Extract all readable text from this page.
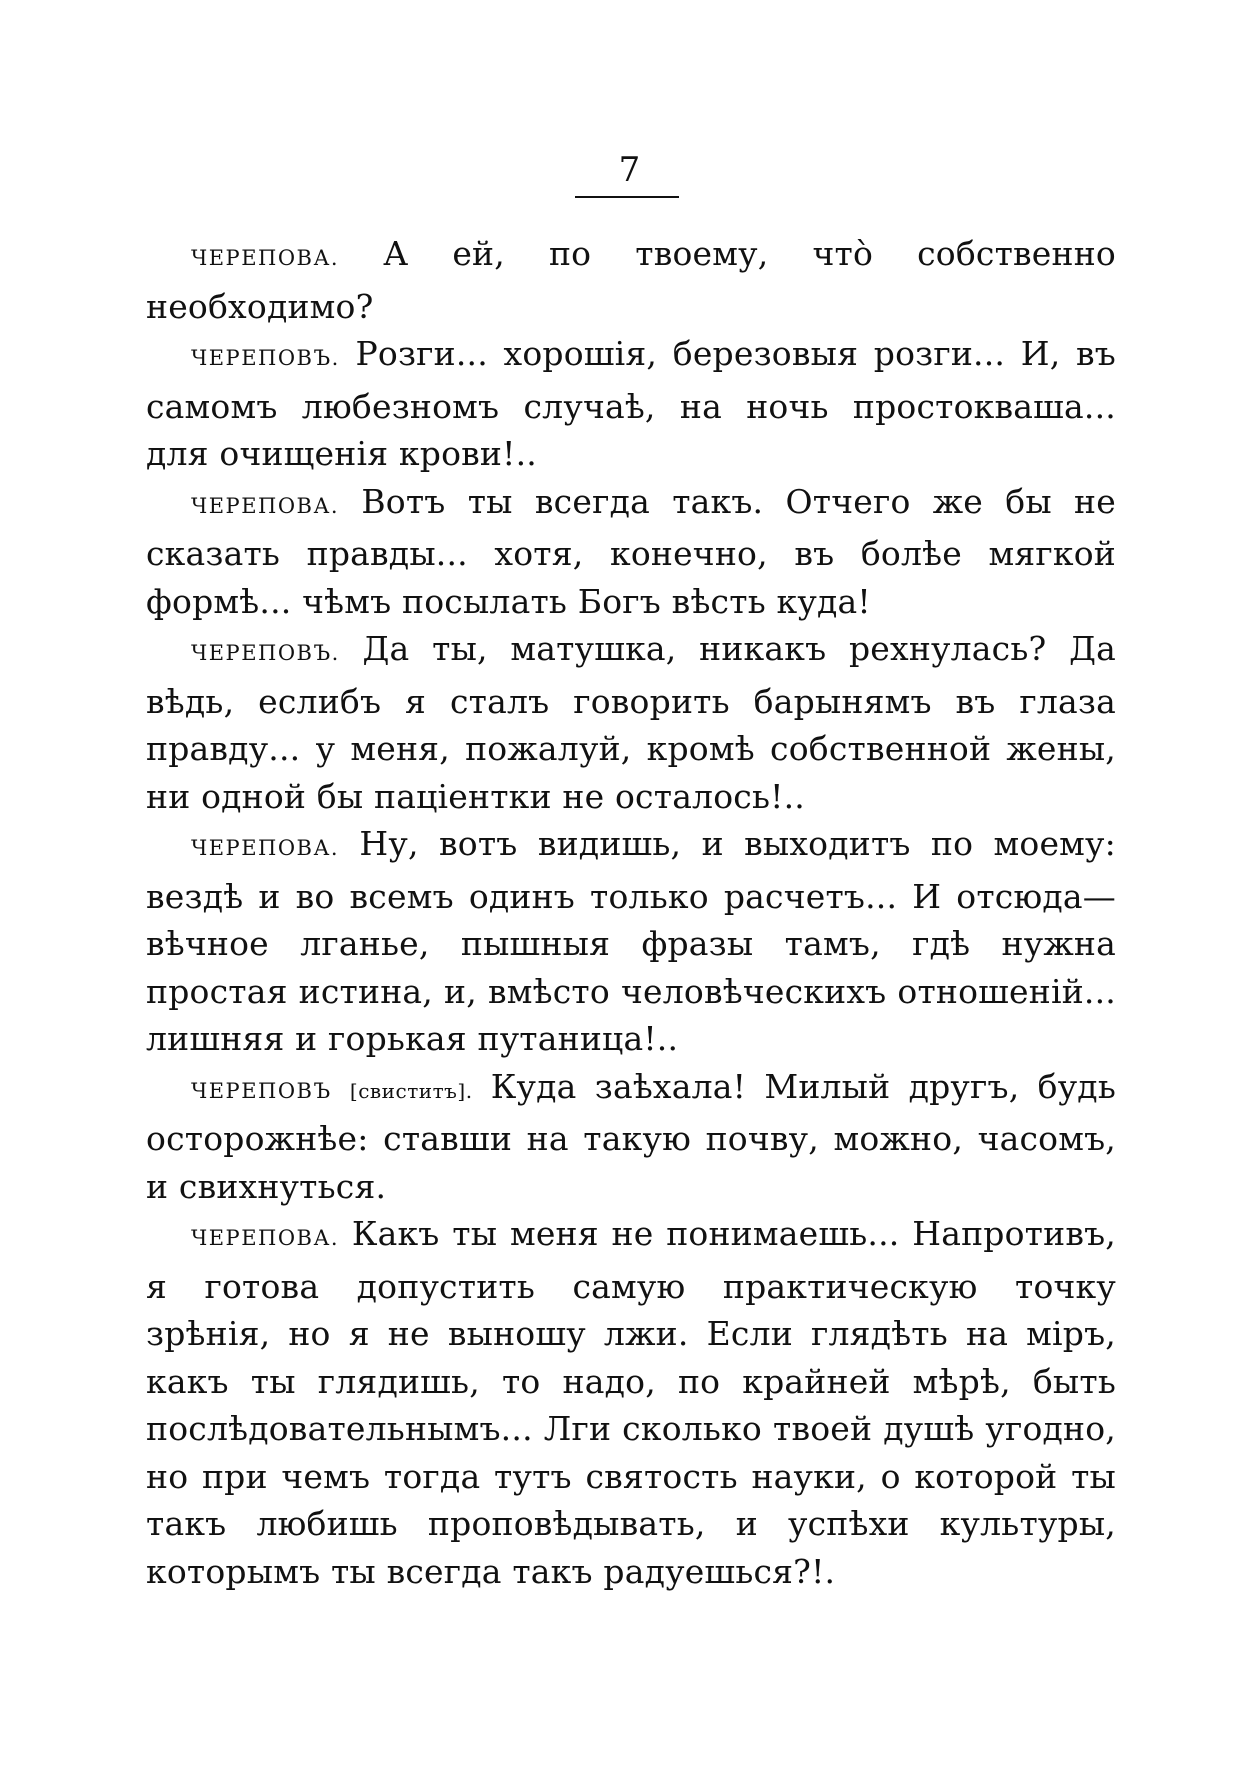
7

ЧЕРЕПОВА. А ей, по твоему, что̀ собственно необходимо?

ЧЕРЕПОВЪ. Розги... хорошія, березовыя розги... И, въ самомъ любезномъ случаѣ, на ночь простокваша... для очищенія крови!..

ЧЕРЕПОВА. Вотъ ты всегда такъ. Отчего же бы не сказать правды... хотя, конечно, въ болѣе мягкой формѣ... чѣмъ посылать Богъ вѣсть куда!

ЧЕРЕПОВЪ. Да ты, матушка, никакъ рехнулась? Да вѣдь, еслибъ я сталъ говорить барынямъ въ глаза правду... у меня, пожалуй, кромѣ собственной жены, ни одной бы паціентки не осталось!..

ЧЕРЕПОВА. Ну, вотъ видишь, и выходитъ по моему: вездѣ и во всемъ одинъ только расчетъ... И отсюда—вѣчное лганье, пышныя фразы тамъ, гдѣ нужна простая истина, и, вмѣсто человѣческихъ отношеній... лишняя и горькая путаница!..

ЧЕРЕПОВЪ [свиститъ]. Куда заѣхала! Милый другъ, будь осторожнѣе: ставши на такую почву, можно, часомъ, и свихнуться.

ЧЕРЕПОВА. Какъ ты меня не понимаешь... Напротивъ, я готова допустить самую практическую точку зрѣнія, но я не выношу лжи. Если глядѣть на міръ, какъ ты глядишь, то надо, по крайней мѣрѣ, быть послѣдовательнымъ... Лги сколько твоей душѣ угодно, но при чемъ тогда тутъ святость науки, о которой ты такъ любишь проповѣдывать, и успѣхи культуры, которымъ ты всегда такъ радуешься?!.
